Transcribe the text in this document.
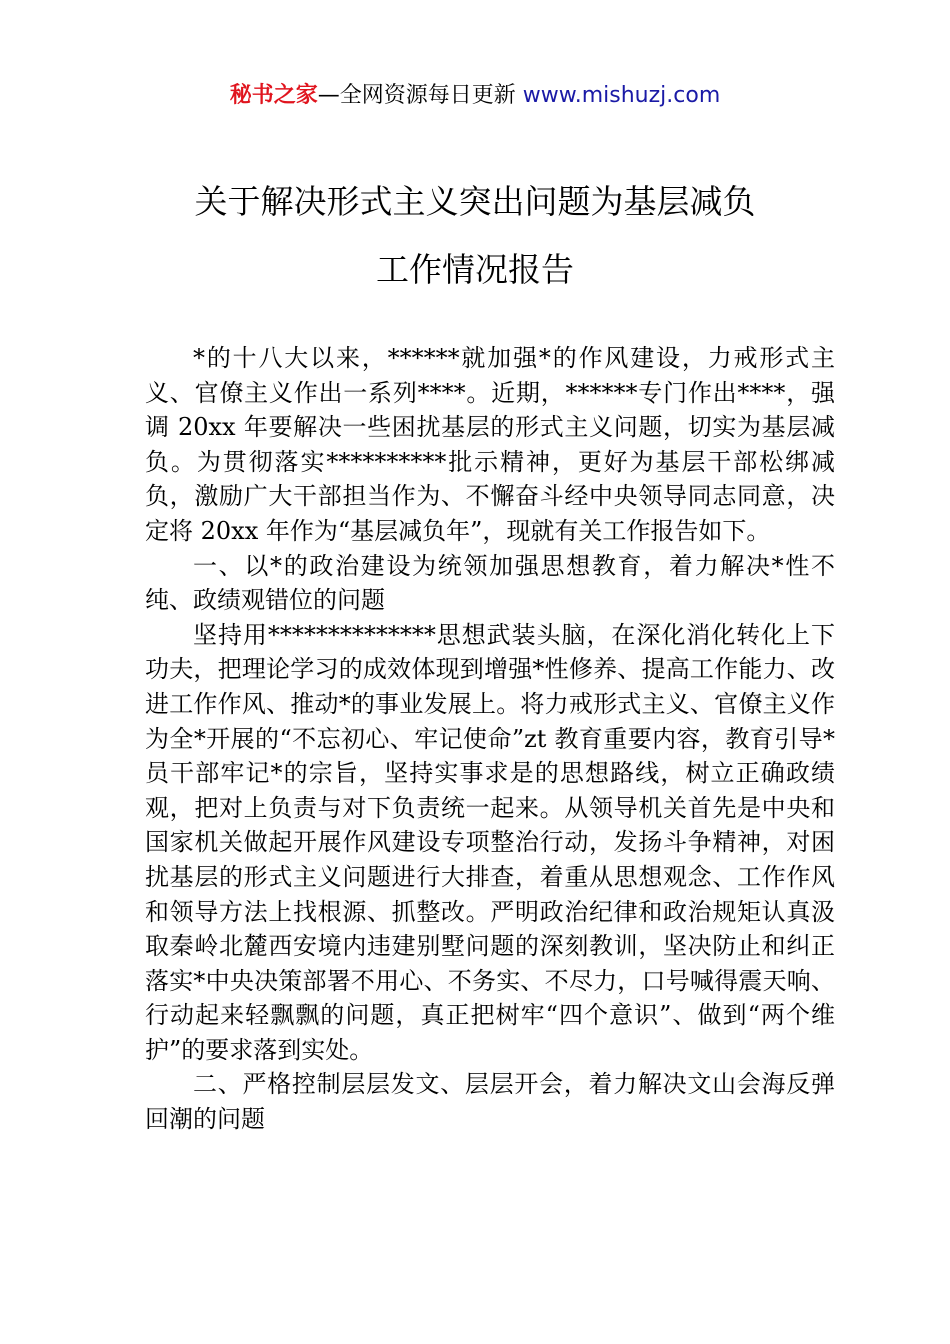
秘书之家—全网资源每日更新 www.mishuzj.com
关于解决形式主义突出问题为基层减负
工作情况报告

*的十八大以来，******就加强*的作风建设，力戒形式主义、官僚主义作出一系列****。近期，******专门作出****，强调 20xx 年要解决一些困扰基层的形式主义问题，切实为基层减负。为贯彻落实**********批示精神，更好为基层干部松绑减负，激励广大干部担当作为、不懈奋斗经中央领导同志同意，决定将 20xx 年作为“基层减负年”，现就有关工作报告如下。

一、以*的政治建设为统领加强思想教育，着力解决*性不纯、政绩观错位的问题

坚持用**************思想武装头脑，在深化消化转化上下功夫，把理论学习的成效体现到增强*性修养、提高工作能力、改进工作作风、推动*的事业发展上。将力戒形式主义、官僚主义作为全*开展的“不忘初心、牢记使命”zt 教育重要内容，教育引导*员干部牢记*的宗旨，坚持实事求是的思想路线，树立正确政绩观，把对上负责与对下负责统一起来。从领导机关首先是中央和国家机关做起开展作风建设专项整治行动，发扬斗争精神，对困扰基层的形式主义问题进行大排查，着重从思想观念、工作作风和领导方法上找根源、抓整改。严明政治纪律和政治规矩认真汲取秦岭北麓西安境内违建别墅问题的深刻教训，坚决防止和纠正落实*中央决策部署不用心、不务实、不尽力，口号喊得震天响、行动起来轻飘飘的问题，真正把树牢“四个意识”、做到“两个维护”的要求落到实处。

二、严格控制层层发文、层层开会，着力解决文山会海反弹回潮的问题
